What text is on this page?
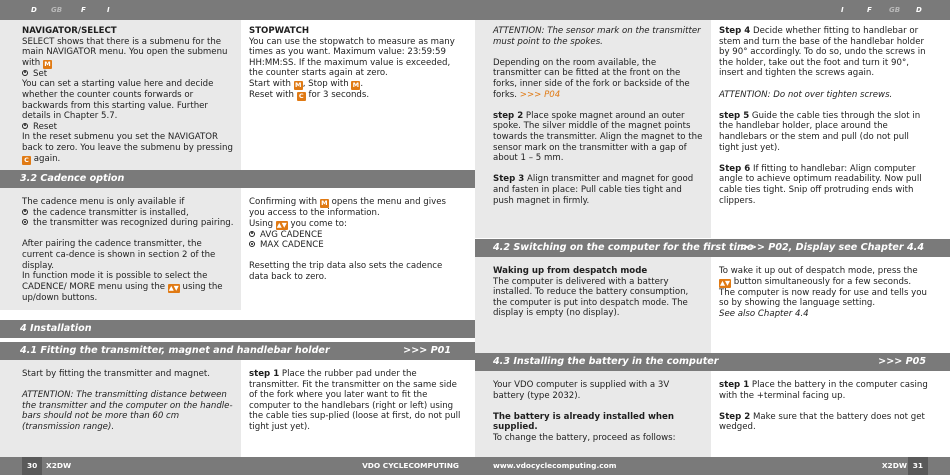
D GB	F	I

NAVIGATOR/SELECT

SELECT shows that there is a submenu for the main NAVIGATOR menu. You open the submenu with M

Set

You can set a starting value here and decide whether the counter counts forwards or backwards from this starting value. Further details in Chapter 5.7.

Reset

In the reset submenu you set the NAVIGATOR back to zero. You leave the submenu by pressing C again.

STOPWATCH

You can use the stopwatch to measure as many times as you want. Maximum value: 23:59:59 HH:MM:SS. If the maximum value is exceeded, the counter starts again at zero.

Start with M, Stop with M.

Reset with C for 3 seconds.

3.2 Cadence option

The cadence menu is only available if

the cadence transmitter is installed,

the transmitter was recognized during pairing.

After pairing the cadence transmitter, the current ca-dence is shown in section 2 of the display.

In function mode it is possible to select the CADENCE/ MORE menu using the ▲▼ using the up/down buttons.

Confirming with M opens the menu and gives you access to the information.

Using ▲▼ you come to:

AVG CADENCE

MAX CADENCE

Resetting the trip data also sets the cadence data back to zero.

4 Installation
4.1 Fitting the transmitter, magnet and handlebar holder	>>> P01

Start by fitting the transmitter and magnet.

ATTENTION: The transmitting distance between the transmitter and the computer on the handle-bars should not be more than 60 cm (transmission range).

step 1 Place the rubber pad under the transmitter. Fit the transmitter on the same side of the fork where you later want to fit the computer to the handlebars (right or left) using the cable ties sup-plied (loose at first, do not pull tight just yet).

30	X2DW	VDO CYCLECOMPUTING
I	F GB D

ATTENTION: The sensor mark on the transmitter must point to the spokes.

Depending on the room available, the transmitter can be fitted at the front on the forks, inner side of the fork or backside of the forks. >>> P04

step 2 Place spoke magnet around an outer spoke. The silver middle of the magnet points towards the transmitter. Align the magnet to the sensor mark on the transmitter with a gap of about 1 – 5 mm.

Step 3 Align transmitter and magnet for good and fasten in place: Pull cable ties tight and push magnet in firmly.

Step 4 Decide whether fitting to handlebar or stem and turn the base of the handlebar holder by 90° accordingly. To do so, undo the screws in the holder, take out the foot and turn it 90°, insert and tighten the screws again.

ATTENTION: Do not over tighten screws.

step 5 Guide the cable ties through the slot in the handlebar holder, place around the handlebars or the stem and pull (do not pull tight just yet).

Step 6 If fitting to handlebar: Align computer angle to achieve optimum readability. Now pull cable ties tight. Snip off protruding ends with clippers.

4.2 Switching on the computer for the first time
>>> P02, Display see Chapter 4.4

Waking up from despatch mode

The computer is delivered with a battery installed. To reduce the battery consumption, the computer is put into despatch mode. The display is empty (no display).

To wake it up out of despatch mode, press the ▲▼ button simultaneously for a few seconds.

The computer is now ready for use and tells you so by showing the language setting.

See also Chapter 4.4

4.3 Installing the battery in the computer	>>> P05

Your VDO computer is supplied with a 3V battery (type 2032).

The battery is already installed when supplied.

To change the battery, proceed as follows:

step 1 Place the battery in the computer casing with the +terminal facing up.

Step 2 Make sure that the battery does not get wedged.

www.vdocyclecomputing.com	X2DW 31
